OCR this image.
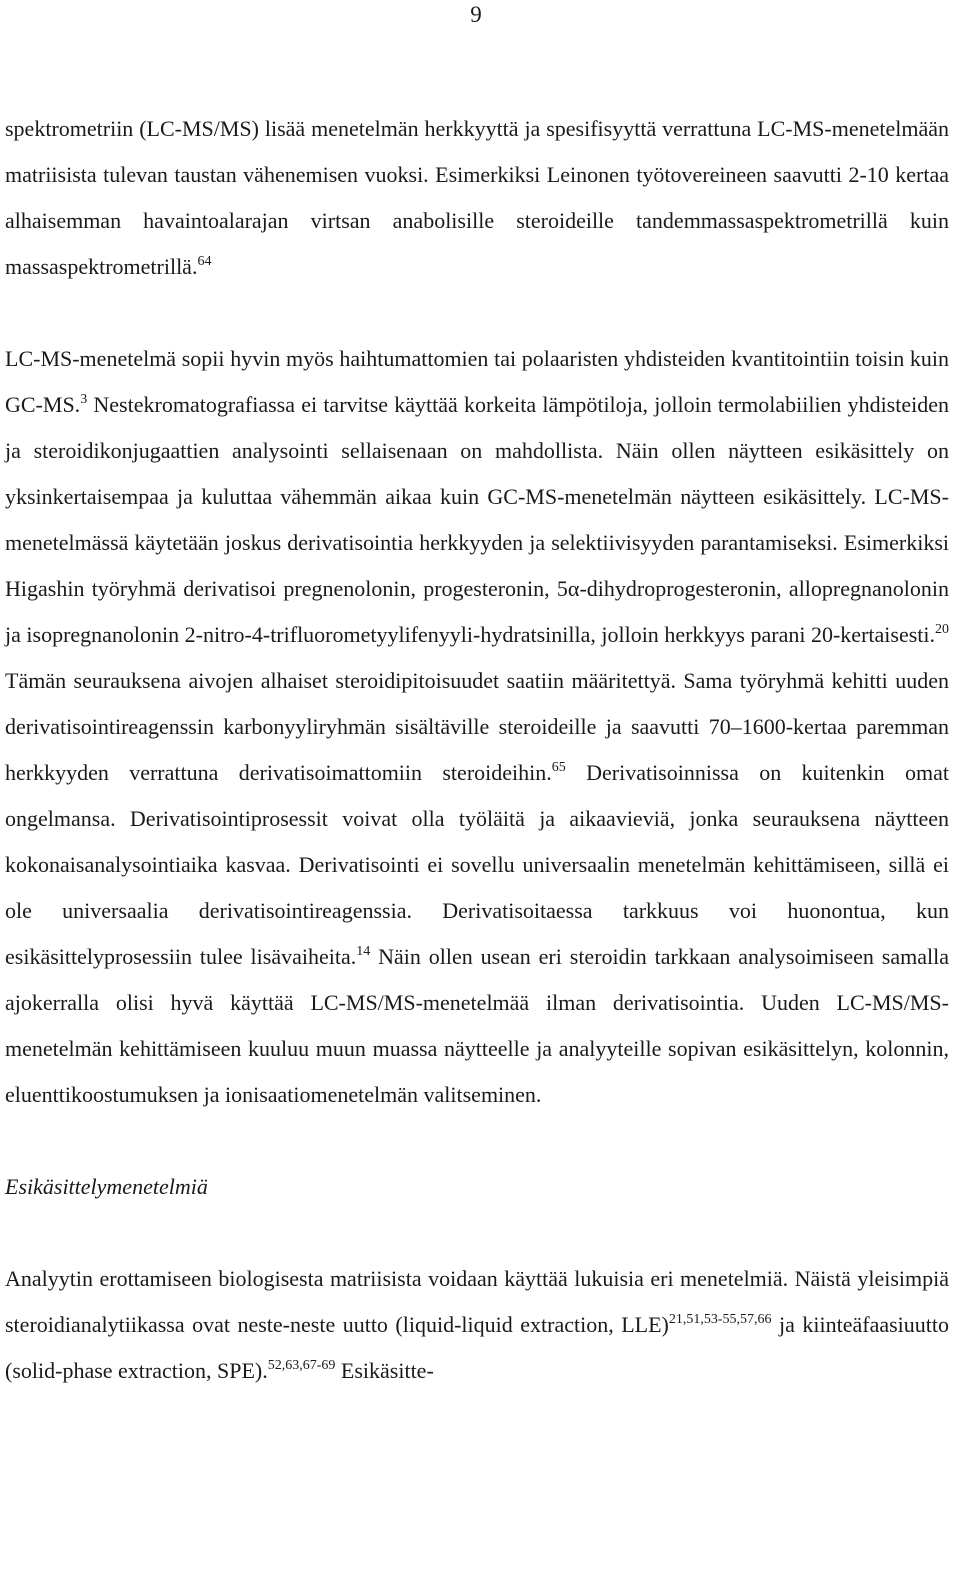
9

spektrometriin (LC-MS/MS) lisää menetelmän herkkyyttä ja spesifisyyttä verrattuna LC-MS-menetelmään matriisista tulevan taustan vähenemisen vuoksi. Esimerkiksi Leinonen työtovereineen saavutti 2-10 kertaa alhaisemman havaintoalarajan virtsan anabolisille steroideille tandemmassaspektrometrillä kuin massaspektrometrillä.$^{64}$

LC-MS-menetelmä sopii hyvin myös haihtumattomien tai polaaristen yhdisteiden kvantitointiin toisin kuin GC-MS.$^3$ Nestekromatografiassa ei tarvitse käyttää korkeita lämpötiloja, jolloin termolabiilien yhdisteiden ja steroidikonjugaattien analysointi sellaisenaan on mahdollista. Näin ollen näytteen esikäsittely on yksinkertaisempaa ja kuluttaa vähemmän aikaa kuin GC-MS-menetelmän näytteen esikäsittely. LC-MS-menetelmässä käytetään joskus derivatisointia herkkyyden ja selektiivisyyden parantamiseksi. Esimerkiksi Higashin työryhmä derivatisoi pregnenolonin, progesteronin, 5α-dihydroprogesteronin, allopregnanolonin ja isopregnanolonin 2-nitro-4-trifluorometyylifenyyli-hydratsinilla, jolloin herkkyys parani 20-kertaisesti.$^{20}$ Tämän seurauksena aivojen alhaiset steroidipitoisuudet saatiin määritettyä. Sama työryhmä kehitti uuden derivatisointireagenssin karbonyyliryhmän sisältäville steroideille ja saavutti 70–1600-kertaa paremman herkkyyden verrattuna derivatisoimattomiin steroideihin.$^{65}$ Derivatisoinnissa on kuitenkin omat ongelmansa. Derivatisointiprosessit voivat olla työläitä ja aikaavieviä, jonka seurauksena näytteen kokonaisanalysointiaika kasvaa. Derivatisointi ei sovellu universaalin menetelmän kehittämiseen, sillä ei ole universaalia derivatisointireagenssia. Derivatisoitaessa tarkkuus voi huonontua, kun esikäsittelyprosessiin tulee lisävaiheita.$^{14}$ Näin ollen usean eri steroidin tarkkaan analysoimiseen samalla ajokerralla olisi hyvä käyttää LC-MS/MS-menetelmää ilman derivatisointia. Uuden LC-MS/MS-menetelmän kehittämiseen kuuluu muun muassa näytteelle ja analyyteille sopivan esikäsittelyn, kolonnin, eluenttikoostumuksen ja ionisaatiomenetelmän valitseminen.

Esikäsittelymenetelmiä

Analyytin erottamiseen biologisesta matriisista voidaan käyttää lukuisia eri menetelmiä. Näistä yleisimpiä steroidianalytiikassa ovat neste-neste uutto (liquid-liquid extraction, LLE)$^{21,51,53-55,57,66}$ ja kiinteäfaasiuutto (solid-phase extraction, SPE).$^{52,63,67-69}$ Esikäsitte-
